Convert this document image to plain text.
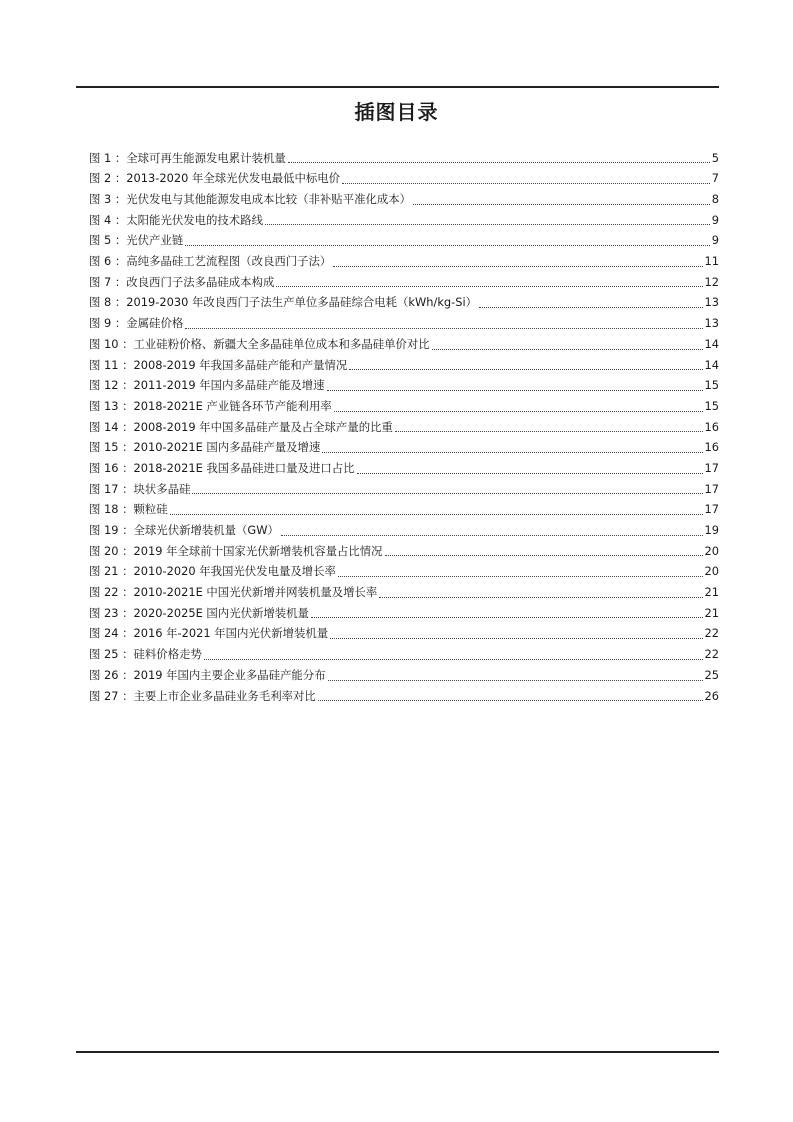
插图目录
图 1 ：全球可再生能源发电累计装机量	5
图 2 ：2013-2020 年全球光伏发电最低中标电价	7
图 3 ：光伏发电与其他能源发电成本比较（非补贴平准化成本）	8
图 4 ：太阳能光伏发电的技术路线	9
图 5 ：光伏产业链	9
图 6 ：高纯多晶硅工艺流程图（改良西门子法）	11
图 7 ：改良西门子法多晶硅成本构成	12
图 8 ：2019-2030 年改良西门子法生产单位多晶硅综合电耗（kWh/kg-Si）	13
图 9 ：金属硅价格	13
图 10 ：工业硅粉价格、新疆大全多晶硅单位成本和多晶硅单价对比	14
图 11 ：2008-2019 年我国多晶硅产能和产量情况	14
图 12 ：2011-2019 年国内多晶硅产能及增速	15
图 13 ：2018-2021E 产业链各环节产能利用率	15
图 14 ：2008-2019 年中国多晶硅产量及占全球产量的比重	16
图 15 ：2010-2021E 国内多晶硅产量及增速	16
图 16 ：2018-2021E 我国多晶硅进口量及进口占比	17
图 17 ：块状多晶硅	17
图 18 ：颗粒硅	17
图 19 ：全球光伏新增装机量（GW）	19
图 20 ：2019 年全球前十国家光伏新增装机容量占比情况	20
图 21 ：2010-2020 年我国光伏发电量及增长率	20
图 22 ：2010-2021E 中国光伏新增并网装机量及增长率	21
图 23 ：2020-2025E 国内光伏新增装机量	21
图 24 ：2016 年-2021 年国内光伏新增装机量	22
图 25 ：硅料价格走势	22
图 26 ：2019 年国内主要企业多晶硅产能分布	25
图 27 ：主要上市企业多晶硅业务毛利率对比	26
